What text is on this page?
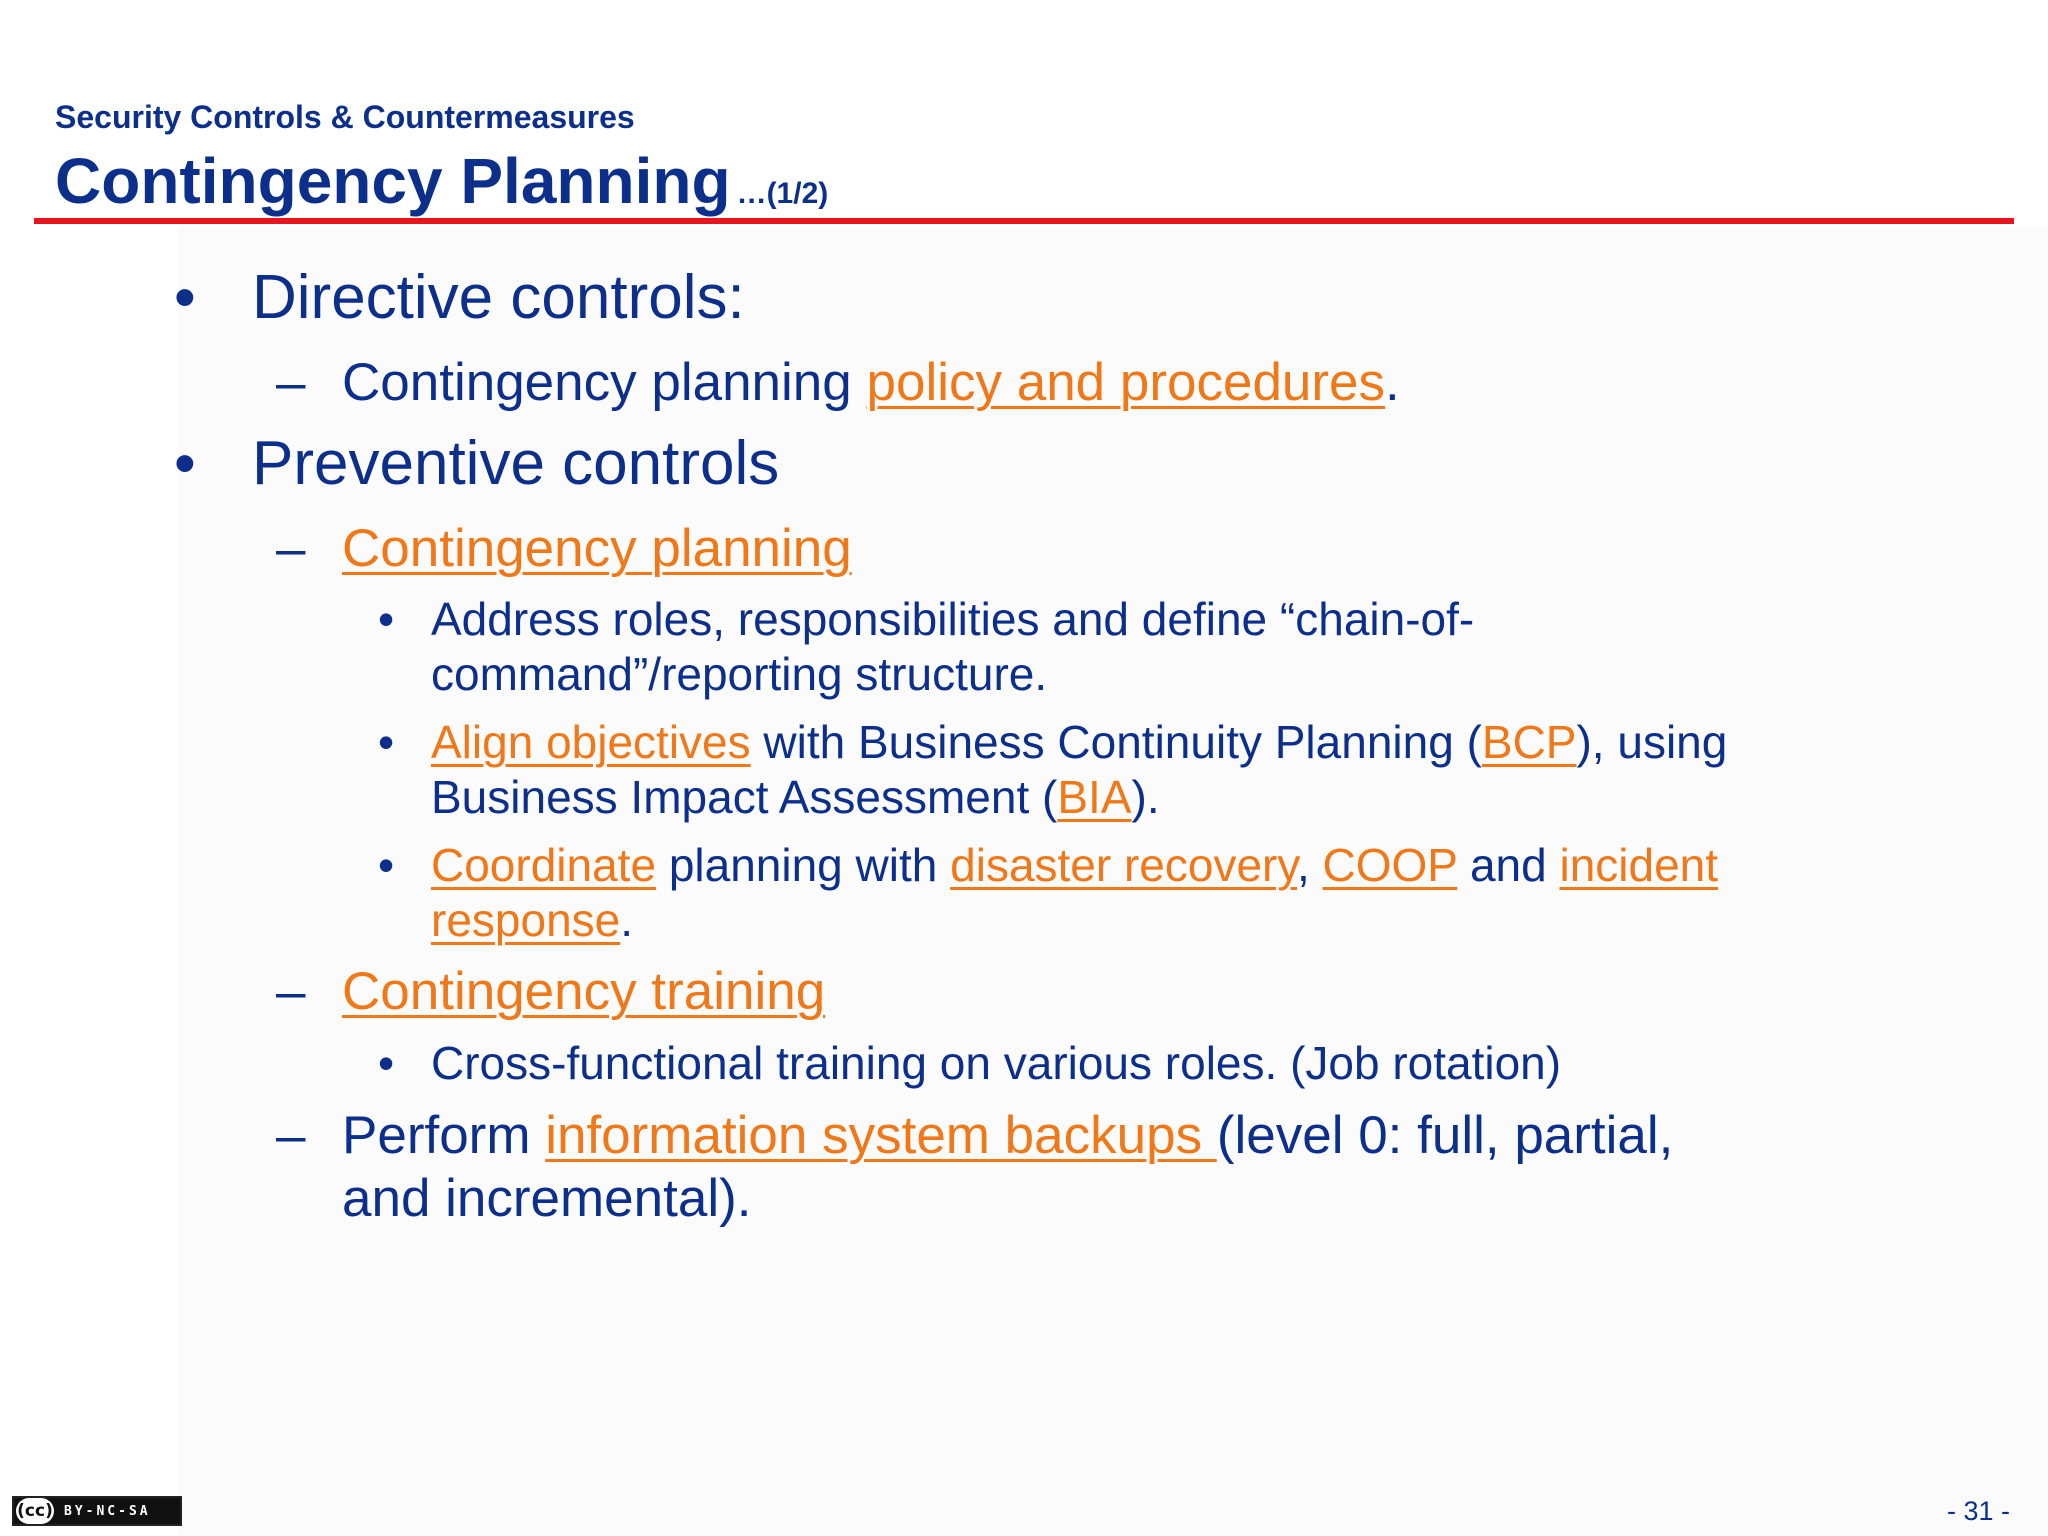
Security Controls & Countermeasures
Contingency Planning …(1/2)
• Directive controls:
– Contingency planning policy and procedures.
• Preventive controls
– Contingency planning
• Address roles, responsibilities and define “chain-of-
command”/reporting structure.
• Align objectives with Business Continuity Planning (BCP), using
Business Impact Assessment (BIA).
• Coordinate planning with disaster recovery, COOP and incident
response.
– Contingency training
• Cross-functional training on various roles. (Job rotation)
– Perform information system backups (level 0: full, partial,
and incremental).
(cc) BY-NC-SA	- 31 -
